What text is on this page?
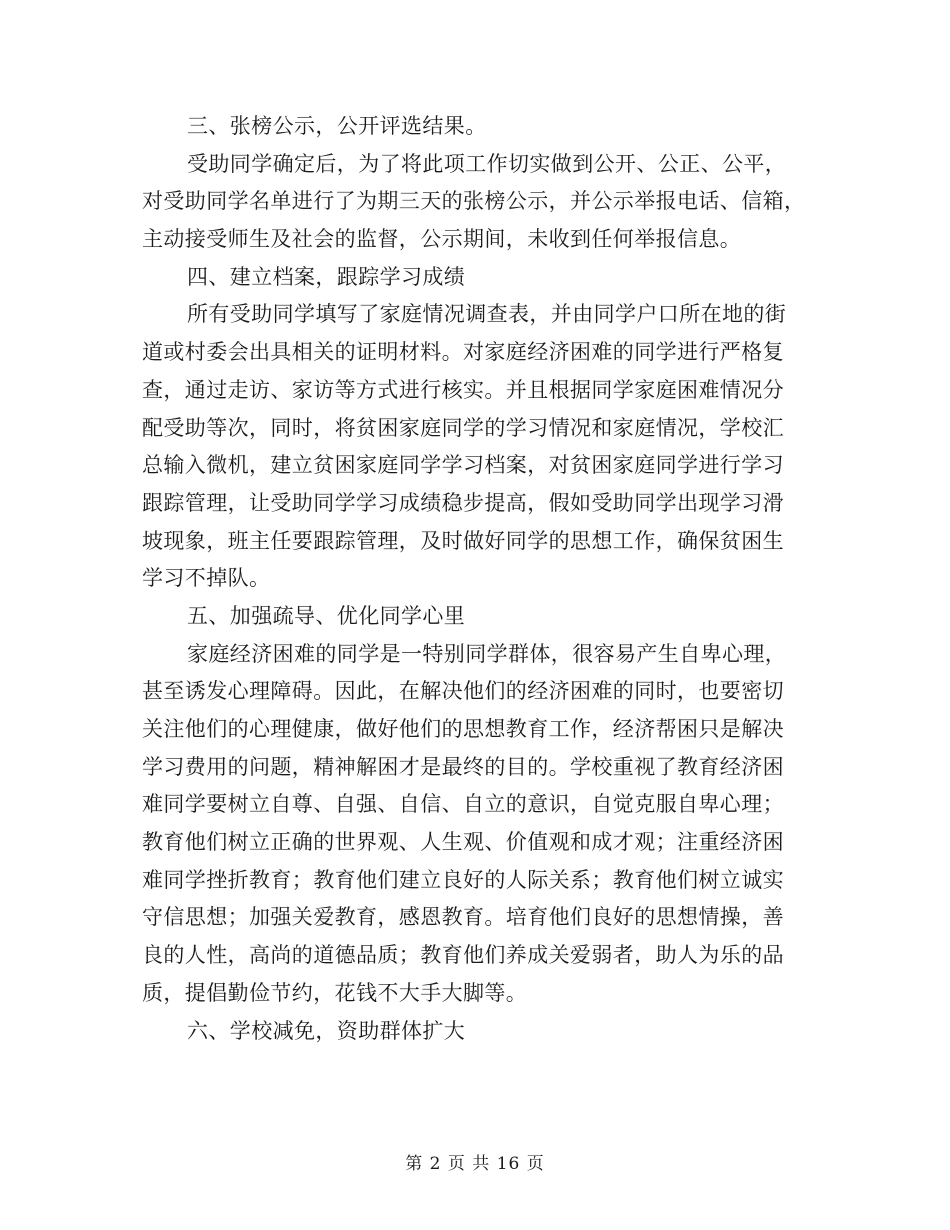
三、张榜公示，公开评选结果。
受助同学确定后，为了将此项工作切实做到公开、公正、公平，
对受助同学名单进行了为期三天的张榜公示，并公示举报电话、信箱，
主动接受师生及社会的监督，公示期间，未收到任何举报信息。
四、建立档案，跟踪学习成绩
所有受助同学填写了家庭情况调查表，并由同学户口所在地的街
道或村委会出具相关的证明材料。对家庭经济困难的同学进行严格复
查，通过走访、家访等方式进行核实。并且根据同学家庭困难情况分
配受助等次，同时，将贫困家庭同学的学习情况和家庭情况，学校汇
总输入微机，建立贫困家庭同学学习档案，对贫困家庭同学进行学习
跟踪管理，让受助同学学习成绩稳步提高，假如受助同学出现学习滑
坡现象，班主任要跟踪管理，及时做好同学的思想工作，确保贫困生
学习不掉队。
五、加强疏导、优化同学心里
家庭经济困难的同学是一特别同学群体，很容易产生自卑心理，
甚至诱发心理障碍。因此，在解决他们的经济困难的同时，也要密切
关注他们的心理健康，做好他们的思想教育工作，经济帮困只是解决
学习费用的问题，精神解困才是最终的目的。学校重视了教育经济困
难同学要树立自尊、自强、自信、自立的意识，自觉克服自卑心理；
教育他们树立正确的世界观、人生观、价值观和成才观；注重经济困
难同学挫折教育；教育他们建立良好的人际关系；教育他们树立诚实
守信思想；加强关爱教育，感恩教育。培育他们良好的思想情操，善
良的人性，高尚的道德品质；教育他们养成关爱弱者，助人为乐的品
质，提倡勤俭节约，花钱不大手大脚等。
六、学校减免，资助群体扩大
第 2 页 共 16 页
